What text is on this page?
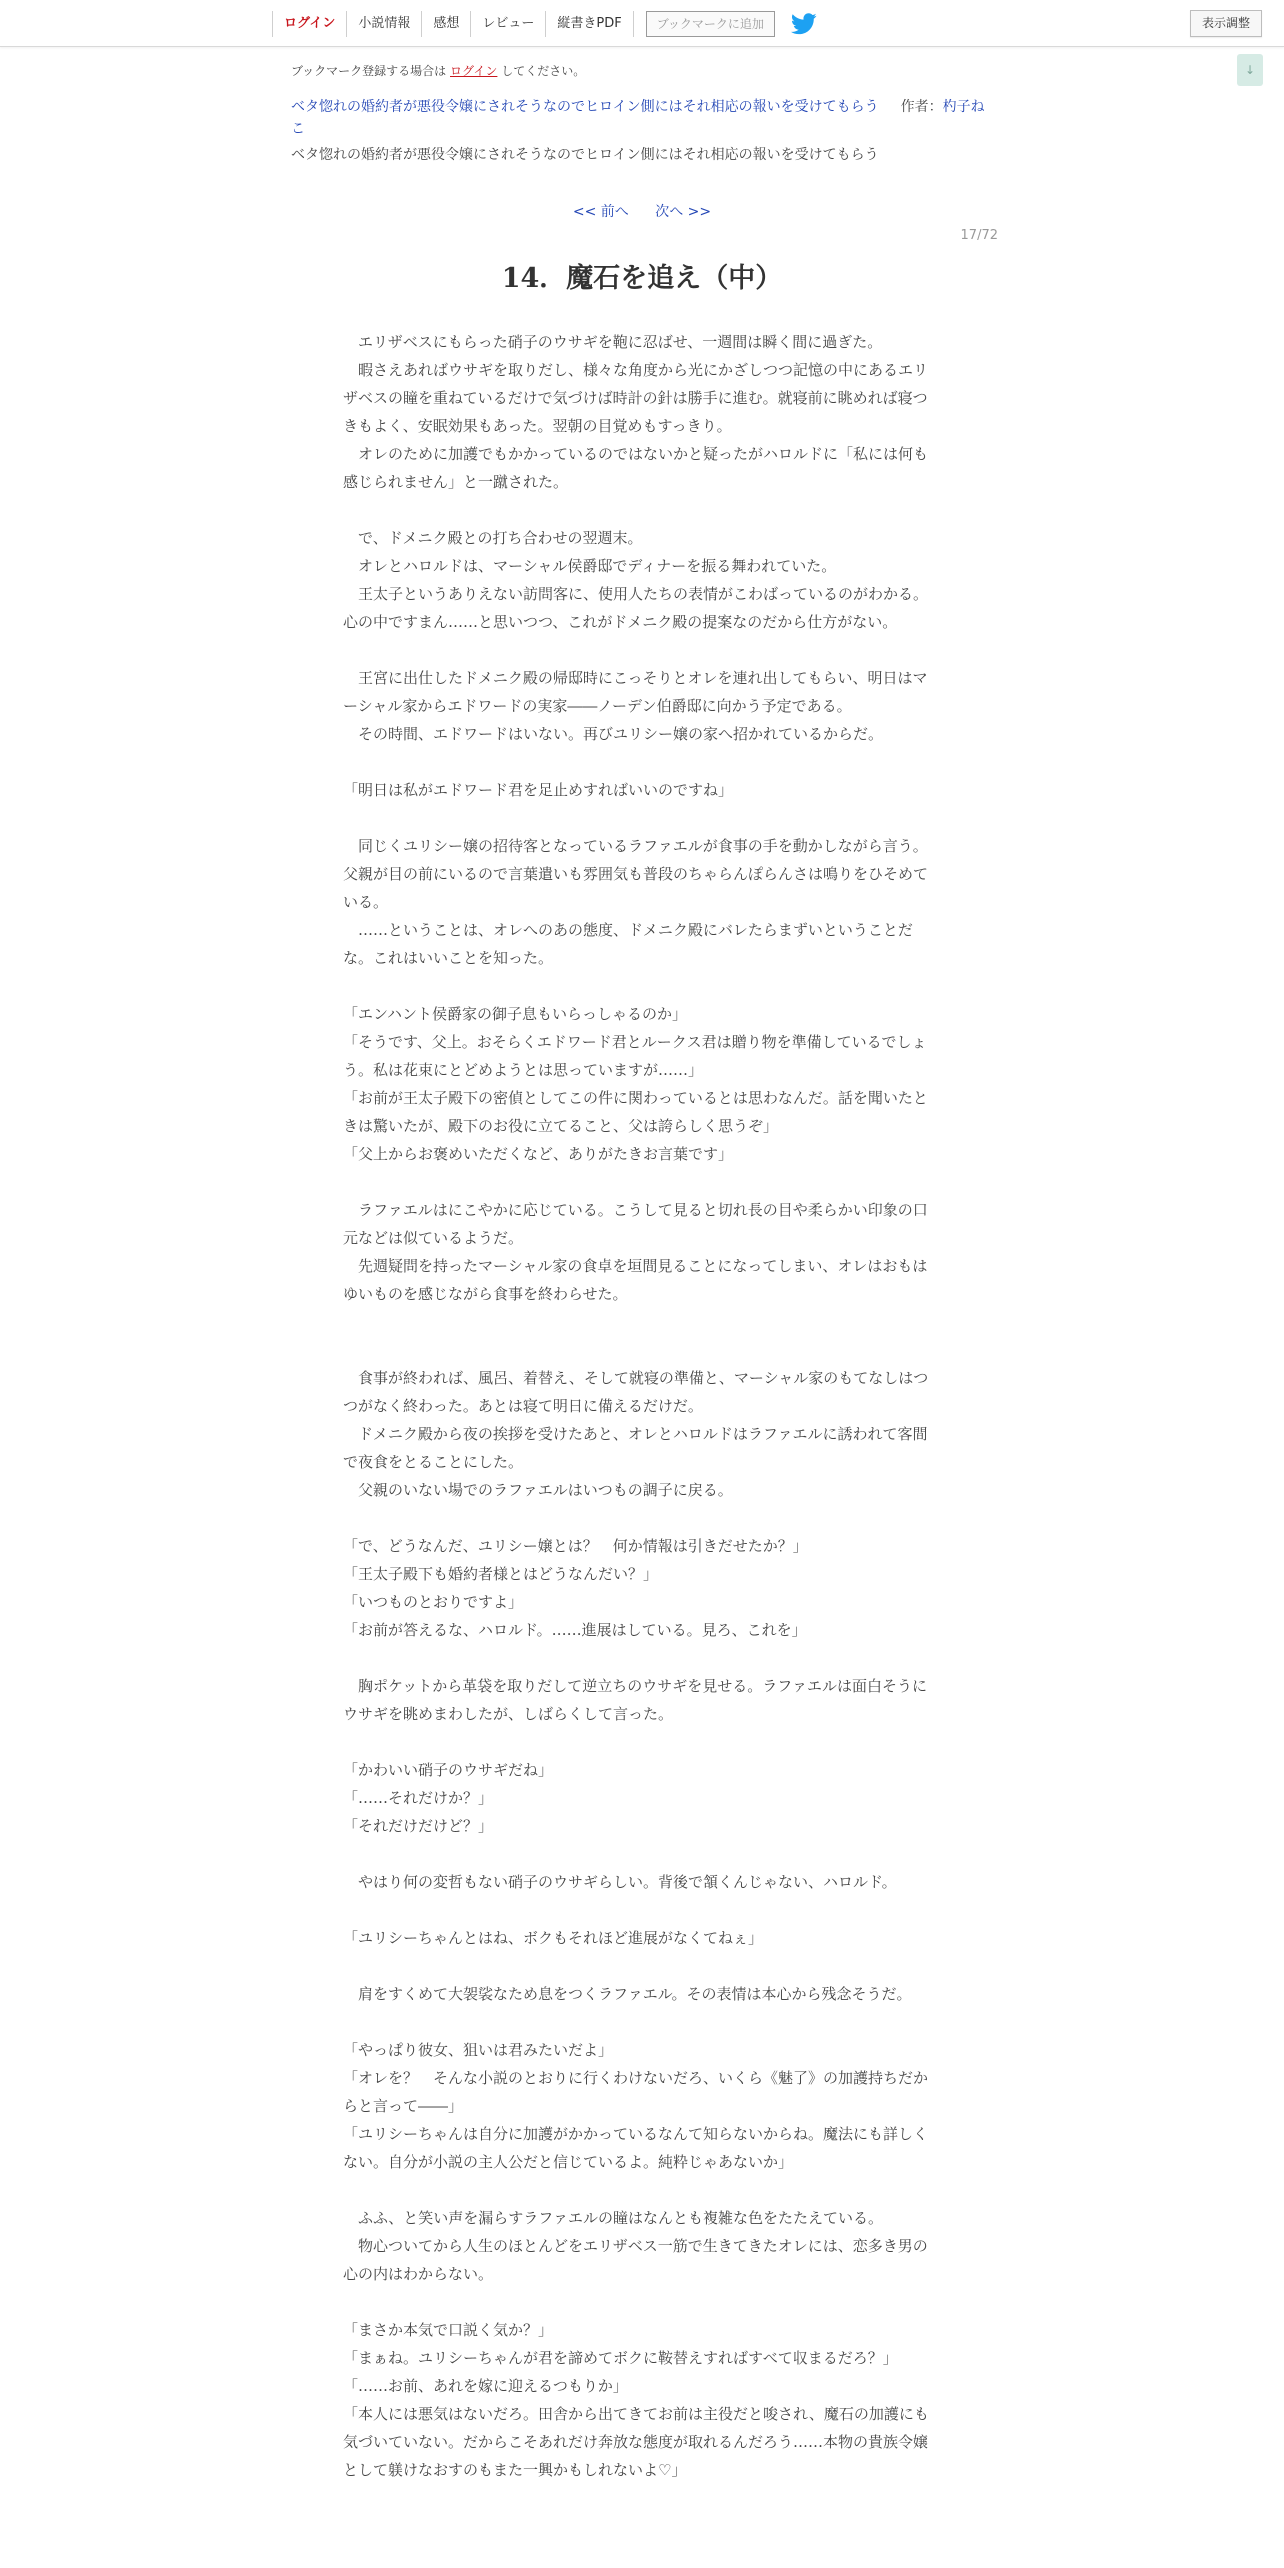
ログイン	小説情報	感想	レビュー	縦書きPDF	ブックマークに追加	表示調整
↓
ブックマーク登録する場合は ログイン してください。
ベタ惚れの婚約者が悪役令嬢にされそうなのでヒロイン側にはそれ相応の報いを受けてもらう 作者：杓子ねこ
ベタ惚れの婚約者が悪役令嬢にされそうなのでヒロイン側にはそれ相応の報いを受けてもらう
<< 前へ 次へ >>
17/72
14．魔石を追え（中）

　エリザベスにもらった硝子のウサギを鞄に忍ばせ、一週間は瞬く間に過ぎた。

　暇さえあればウサギを取りだし、様々な角度から光にかざしつつ記憶の中にあるエリザベスの瞳を重ねているだけで気づけば時計の針は勝手に進む。就寝前に眺めれば寝つきもよく、安眠効果もあった。翌朝の目覚めもすっきり。

　オレのために加護でもかかっているのではないかと疑ったがハロルドに「私には何も感じられません」と一蹴された。

　で、ドメニク殿との打ち合わせの翌週末。

　オレとハロルドは、マーシャル侯爵邸でディナーを振る舞われていた。

　王太子というありえない訪問客に、使用人たちの表情がこわばっているのがわかる。心の中ですまん……と思いつつ、これがドメニク殿の提案なのだから仕方がない。

　王宮に出仕したドメニク殿の帰邸時にこっそりとオレを連れ出してもらい、明日はマーシャル家からエドワードの実家――ノーデン伯爵邸に向かう予定である。

　その時間、エドワードはいない。再びユリシー嬢の家へ招かれているからだ。

「明日は私がエドワード君を足止めすればいいのですね」

　同じくユリシー嬢の招待客となっているラファエルが食事の手を動かしながら言う。父親が目の前にいるので言葉遣いも雰囲気も普段のちゃらんぽらんさは鳴りをひそめている。

　……ということは、オレへのあの態度、ドメニク殿にバレたらまずいということだな。これはいいことを知った。

「エンハント侯爵家の御子息もいらっしゃるのか」

「そうです、父上。おそらくエドワード君とルークス君は贈り物を準備しているでしょう。私は花束にとどめようとは思っていますが……」

「お前が王太子殿下の密偵としてこの件に関わっているとは思わなんだ。話を聞いたときは驚いたが、殿下のお役に立てること、父は誇らしく思うぞ」

「父上からお褒めいただくなど、ありがたきお言葉です」

　ラファエルはにこやかに応じている。こうして見ると切れ長の目や柔らかい印象の口元などは似ているようだ。

　先週疑問を持ったマーシャル家の食卓を垣間見ることになってしまい、オレはおもはゆいものを感じながら食事を終わらせた。

　食事が終われば、風呂、着替え、そして就寝の準備と、マーシャル家のもてなしはつつがなく終わった。あとは寝て明日に備えるだけだ。

　ドメニク殿から夜の挨拶を受けたあと、オレとハロルドはラファエルに誘われて客間で夜食をとることにした。

　父親のいない場でのラファエルはいつもの調子に戻る。

「で、どうなんだ、ユリシー嬢とは？　何か情報は引きだせたか？」

「王太子殿下も婚約者様とはどうなんだい？」

「いつものとおりですよ」

「お前が答えるな、ハロルド。……進展はしている。見ろ、これを」

　胸ポケットから革袋を取りだして逆立ちのウサギを見せる。ラファエルは面白そうにウサギを眺めまわしたが、しばらくして言った。

「かわいい硝子のウサギだね」

「……それだけか？」

「それだけだけど？」

　やはり何の変哲もない硝子のウサギらしい。背後で頷くんじゃない、ハロルド。

「ユリシーちゃんとはね、ボクもそれほど進展がなくてねぇ」

　肩をすくめて大袈裟なため息をつくラファエル。その表情は本心から残念そうだ。

「やっぱり彼女、狙いは君みたいだよ」

「オレを？　そんな小説のとおりに行くわけないだろ、いくら《魅了》の加護持ちだからと言って――」

「ユリシーちゃんは自分に加護がかかっているなんて知らないからね。魔法にも詳しくない。自分が小説の主人公だと信じているよ。純粋じゃあないか」

　ふふ、と笑い声を漏らすラファエルの瞳はなんとも複雑な色をたたえている。

　物心ついてから人生のほとんどをエリザベス一筋で生きてきたオレには、恋多き男の心の内はわからない。

「まさか本気で口説く気か？」

「まぁね。ユリシーちゃんが君を諦めてボクに鞍替えすればすべて収まるだろ？」

「……お前、あれを嫁に迎えるつもりか」

「本人には悪気はないだろ。田舎から出てきてお前は主役だと唆され、魔石の加護にも気づいていない。だからこそあれだけ奔放な態度が取れるんだろう……本物の貴族令嬢として躾けなおすのもまた一興かもしれないよ♡」
